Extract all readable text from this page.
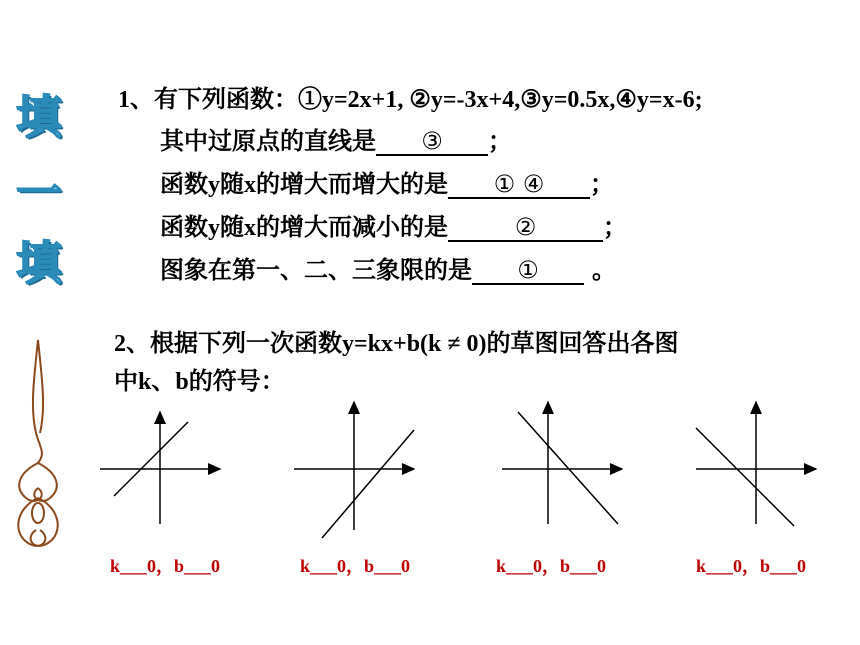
填
一
填
1、有下列函数：①y=2x+1, ②y=-3x+4,③y=0.5x,④y=x-6;
其中过原点的直线是 ③ ；
函数y随x的增大而增大的是 ① ④ ；
函数y随x的增大而减小的是	②	；
图象在第一、二、三象限的是 ① 。
2、根据下列一次函数y=kx+b(k ≠ 0)的草图回答出各图
中k、b的符号：
k___0，b___0	k___0，b___0	k___0，b___0	k___0，b___0
